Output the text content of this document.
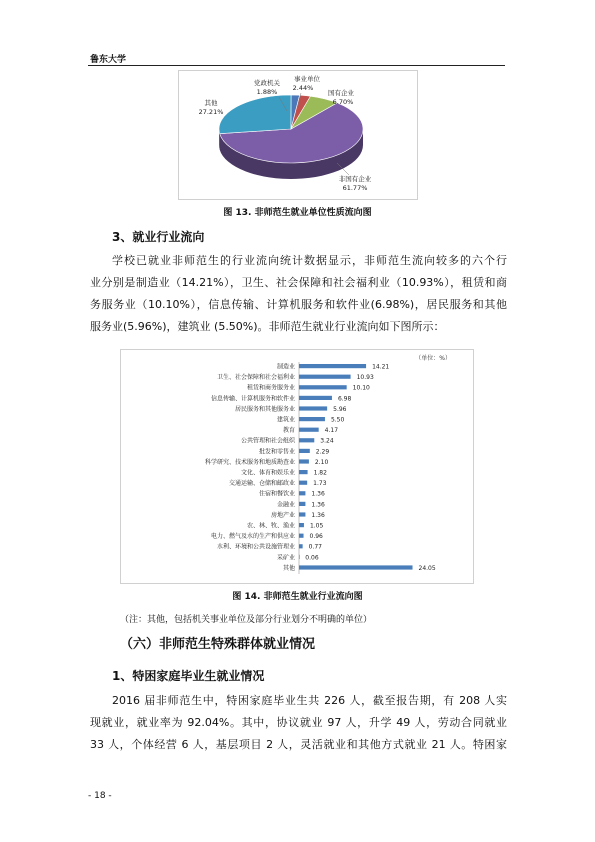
鲁东大学
非国有企业
61.77%
其他
27.21%
党政机关
1.88%
事业单位
2.44%
国有企业
6.70%
图 13. 非师范生就业单位性质流向图
3、就业行业流向
学校已就业非师范生的行业流向统计数据显示，非师范生流向较多的六个行
业分别是制造业（14.21%），卫生、社会保障和社会福利业（10.93%），租赁和商
务服务业（10.10%），信息传输、计算机服务和软件业(6.98%)，居民服务和其他
服务业(5.96%)，建筑业 (5.50%)。非师范生就业行业流向如下图所示：
（单位：%）
制造业	14.21
卫生、社会保障和社会福利业	10.93
租赁和商务服务业	10.10
信息传输、计算机服务和软件业	6.98
居民服务和其他服务业	5.96
建筑业	5.50
教育	4.17
公共管理和社会组织	3.24
批发和零售业	2.29
科学研究、技术服务和地质勘查业	2.10
文化、体育和娱乐业	1.82
交通运输、仓储和邮政业	1.73
住宿和餐饮业	1.36
金融业	1.36
房地产业	1.36
农、林、牧、渔业 1.05
电力、燃气及水的生产和供应业 0.96
水利、环境和公共设施管理业 0.77
采矿业 0.06
其他	24.05
图 14. 非师范生就业行业流向图
（注：其他，包括机关事业单位及部分行业划分不明确的单位）
（六）非师范生特殊群体就业情况
1、特困家庭毕业生就业情况
2016 届非师范生中，特困家庭毕业生共 226 人，截至报告期，有 208 人实
现就业，就业率为 92.04%。其中，协议就业 97 人，升学 49 人，劳动合同就业
33 人，个体经营 6 人，基层项目 2 人，灵活就业和其他方式就业 21 人。特困家
- 18 -
